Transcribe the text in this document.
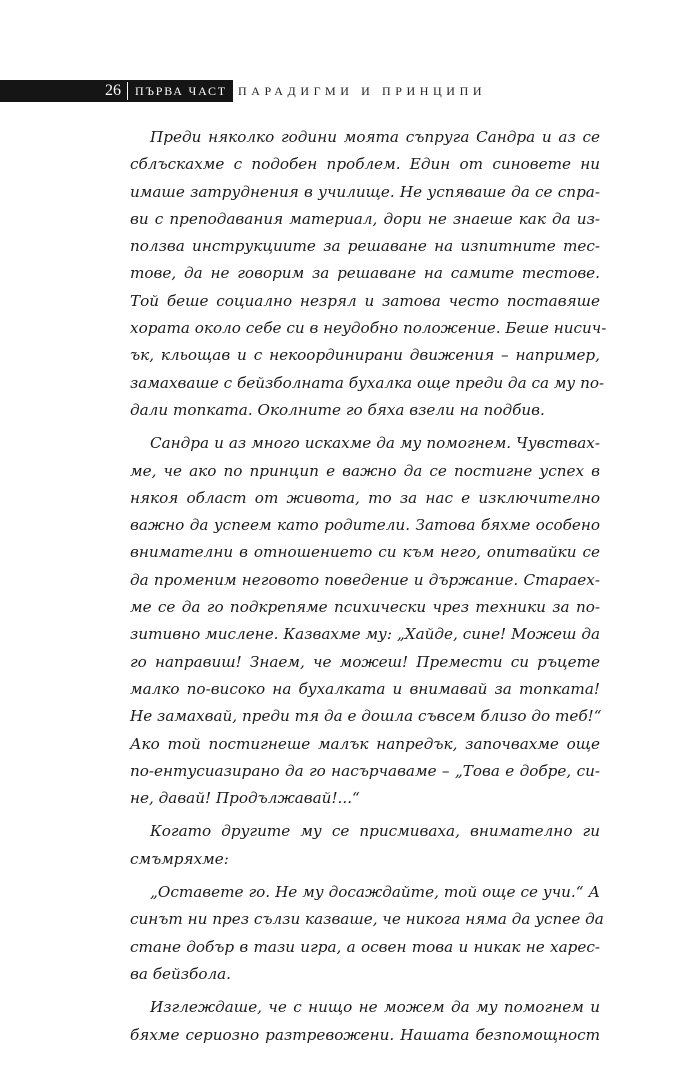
26	ПЪРВА ЧАСТ ПАРАДИГМИ И ПРИНЦИПИ
Преди няколко години моята съпруга Сандра и аз се
сблъскахме с подобен проблем. Един от синовете ни
имаше затруднения в училище. Не успяваше да се спра-
ви с преподавания материал, дори не знаеше как да из-
ползва инструкциите за решаване на изпитните тес-
тове, да не говорим за решаване на самите тестове.
Той беше социално незрял и затова често поставяше
хората около себе си в неудобно положение. Беше нисич-
ък, кльощав и с некоординирани движения – например,
замахваше с бейзболната бухалка още преди да са му по-
дали топката. Околните го бяха взели на подбив.
Сандра и аз много искахме да му помогнем. Чувствах-
ме, че ако по принцип е важно да се постигне успех в
някоя област от живота, то за нас е изключително
важно да успеем като родители. Затова бяхме особено
внимателни в отношението си към него, опитвайки се
да променим неговото поведение и държание. Стараех-
ме се да го подкрепяме психически чрез техники за по-
зитивно мислене. Казвахме му: „Хайде, сине! Можеш да
го направиш! Знаем, че можеш! Премести си ръцете
малко по-високо на бухалката и внимавай за топката!
Не замахвай, преди тя да е дошла съвсем близо до теб!“
Ако той постигнеше малък напредък, започвахме още
по-ентусиазирано да го насърчаваме – „Това е добре, си-
не, давай! Продължавай!...“
Когато другите му се присмиваха, внимателно ги
смъмряхме:
„Оставете го. Не му досаждайте, той още се учи.“ А
синът ни през сълзи казваше, че никога няма да успее да
стане добър в тази игра, а освен това и никак не харес-
ва бейзбола.
Изглеждаше, че с нищо не можем да му помогнем и
бяхме сериозно разтревожени. Нашата безпомощност
